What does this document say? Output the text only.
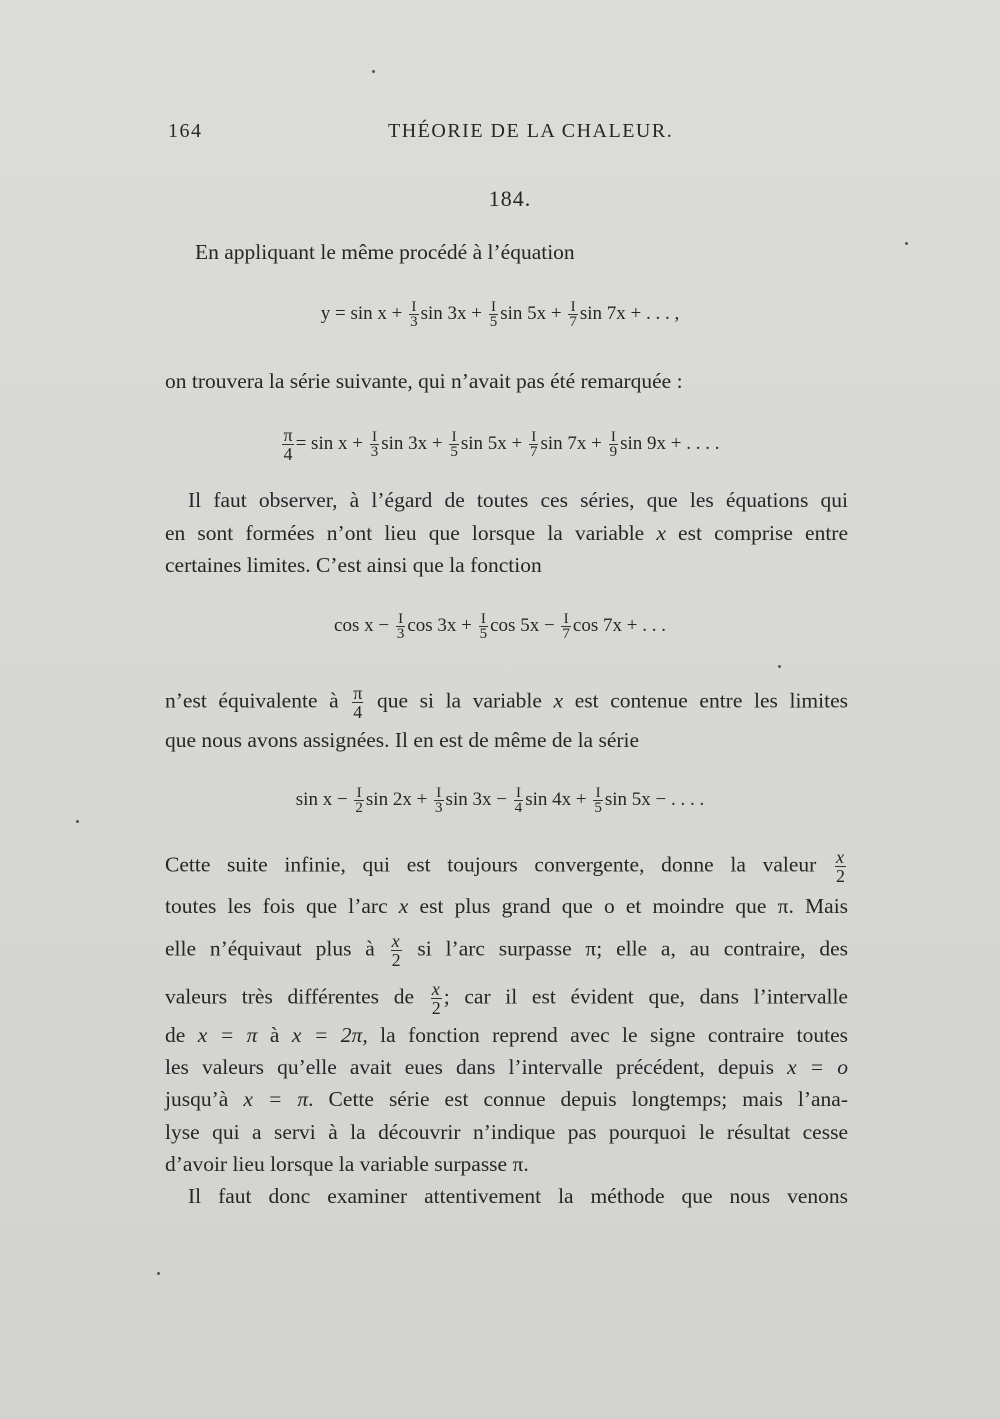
164	THÉORIE DE LA CHALEUR.
184.
En appliquant le même procédé à l’équation
$y = \sin x + \frac{I}{3}$ $\sin 3x + \frac{I}{5}$ $\sin 5x + \frac{I}{7}$ sin 7x + . . . ,
on trouvera la série suivante, qui n’avait pas été remarquée :
$\frac{\pi}{4} = \sin x + \frac{I}{3}$ $\sin 3x + \frac{I}{5}$ $\sin 5x + \frac{I}{7}$ $\sin 7x + \frac{I}{9}$ sin 9x + . . . .
Il faut observer, à l’égard de toutes ces séries, que les équations qui
en sont formées n’ont lieu que lorsque la variable x est comprise entre
certaines limites. C’est ainsi que la fonction
$\cos x - \frac{I}{3}$ $\cos 3x + \frac{I}{5}$ $\cos 5x - \frac{I}{7}$ cos 7x + . . .
n’est équivalente à $\frac{\pi}{4}$ que si la variable x est contenue entre les limites
que nous avons assignées. Il en est de même de la série
$\sin x - \frac{I}{2}$ $\sin 2x + \frac{I}{3}$ $\sin 3x - \frac{I}{4}$ $\sin 4x + \frac{I}{5}$ sin 5x − . . . .
Cette suite infinie, qui est toujours convergente, donne la valeur $\frac{x}{2}$
toutes les fois que l’arc x est plus grand que o et moindre que π. Mais
elle n’équivaut plus à $\frac{x}{2}$ si l’arc surpasse π; elle a, au contraire, des
valeurs très différentes de $\frac{x}{2}$ ; car il est évident que, dans l’intervalle
de x = π à x = 2π, la fonction reprend avec le signe contraire toutes
les valeurs qu’elle avait eues dans l’intervalle précédent, depuis x = o
jusqu’à x = π. Cette série est connue depuis longtemps; mais l’ana-
lyse qui a servi à la découvrir n’indique pas pourquoi le résultat cesse
d’avoir lieu lorsque la variable surpasse π.
Il faut donc examiner attentivement la méthode que nous venons
